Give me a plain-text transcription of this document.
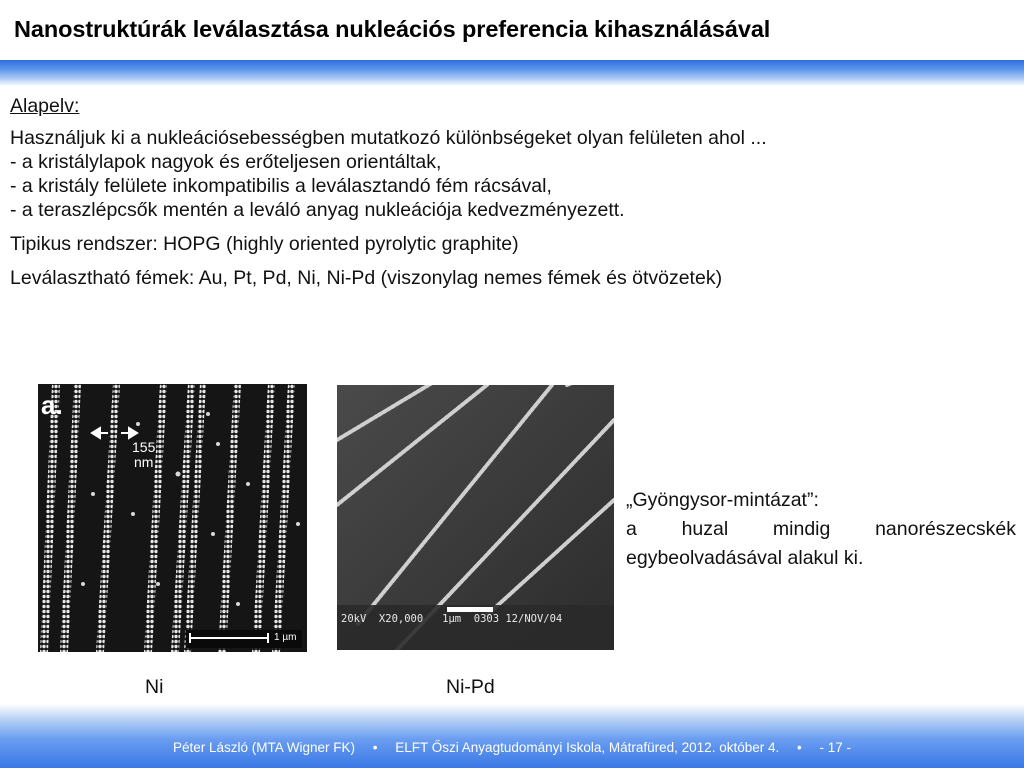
Nanostruktúrák leválasztása nukleációs preferencia kihasználásával

Alapelv:

Használjuk ki a nukleációsebességben mutatkozó különbségeket olyan felületen ahol ...

- a kristálylapok nagyok és erőteljesen orientáltak,

- a kristály felülete inkompatibilis a leválasztandó fém rácsával,

- a teraszlépcsők mentén a leváló anyag nukleációja kedvezményezett.

Tipikus rendszer: HOPG (highly oriented pyrolytic graphite)

Leválasztható fémek: Au, Pt, Pd, Ni, Ni-Pd (viszonylag nemes fémek és ötvözetek)

a.
155
nm
1 µm
20kV  X20,000   1µm  0303 12/NOV/04
„Gyöngysor-mintázat”:
a huzal mindig nanorészecskék egybeolvadásával alakul ki.
Ni	Ni-Pd
Péter László (MTA Wigner FK) • ELFT Őszi Anyagtudományi Iskola, Mátrafüred, 2012. október 4. • - 17 -
